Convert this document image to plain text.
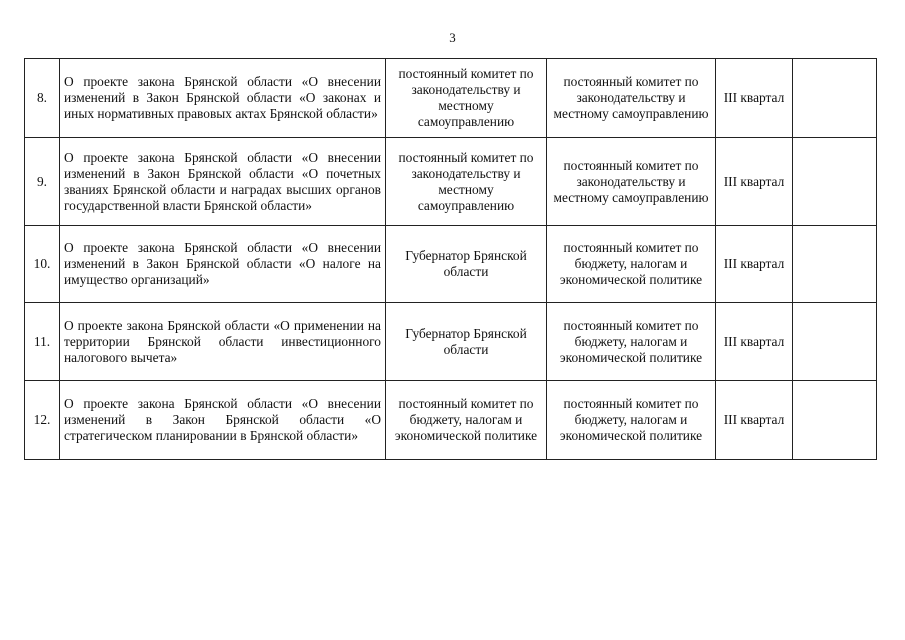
3
8.	О проекте закона Брянской области «О внесении изменений в Закон Брянской области «О законах и иных нормативных правовых актах Брянской области»	постоянный комитет по законодательству и местному самоуправлению	постоянный комитет по законодательству и местному самоуправлению	III квартал	
9.	О проекте закона Брянской области «О внесении изменений в Закон Брянской области «О почетных званиях Брянской области и наградах высших органов государственной власти Брянской области»	постоянный комитет по законодательству и местному самоуправлению	постоянный комитет по законодательству и местному самоуправлению	III квартал	
10.	О проекте закона Брянской области «О внесении изменений в Закон Брянской области «О налоге на имущество организаций»	Губернатор Брянской области	постоянный комитет по бюджету, налогам и экономической политике	III квартал	
11.	О проекте закона Брянской области «О применении на территории Брянской области инвестиционного налогового вычета»	Губернатор Брянской области	постоянный комитет по бюджету, налогам и экономической политике	III квартал	
12.	О проекте закона Брянской области «О внесении изменений в Закон Брянской области «О стратегическом планировании в Брянской области»	постоянный комитет по бюджету, налогам и экономической политике	постоянный комитет по бюджету, налогам и экономической политике	III квартал	
